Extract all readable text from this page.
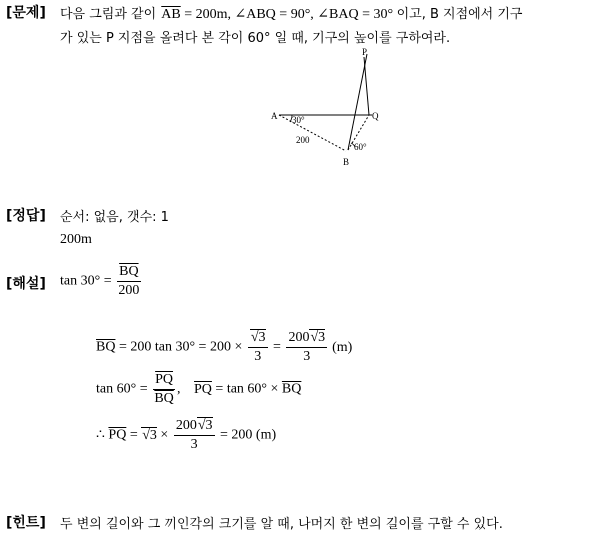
[문제] 다음 그림과 같이 $\overline{AB} = 200m$, ∠ABQ = 90°, ∠BAQ = 30° 이고, B 지점에서 기구
가 있는 P 지점을 올려다 본 각이 60° 일 때, 기구의 높이를 구하여라.
P
A	Q
B
30°
60°
200
[정답] 순서: 없음, 갯수: 1
200m
[해설] $\tan 30^\circ = \frac{\overline{BQ}}{200}$
$\overline{BQ} = 200$ $\tan 30^\circ = 200 \times \frac{√3}{3} = \frac{200√3}{3} (m)$
$\tan 60^\circ = \frac{\overline{PQ}}{BQ}$ , $\overline{PQ} = \tan 60^\circ \times \overline{BQ}$
∴ $\overline{PQ} = √3 \times \frac{200√3}{3} = 200$ (m)
[힌트] 두 변의 길이와 그 끼인각의 크기를 알 때, 나머지 한 변의 길이를 구할 수 있다.
